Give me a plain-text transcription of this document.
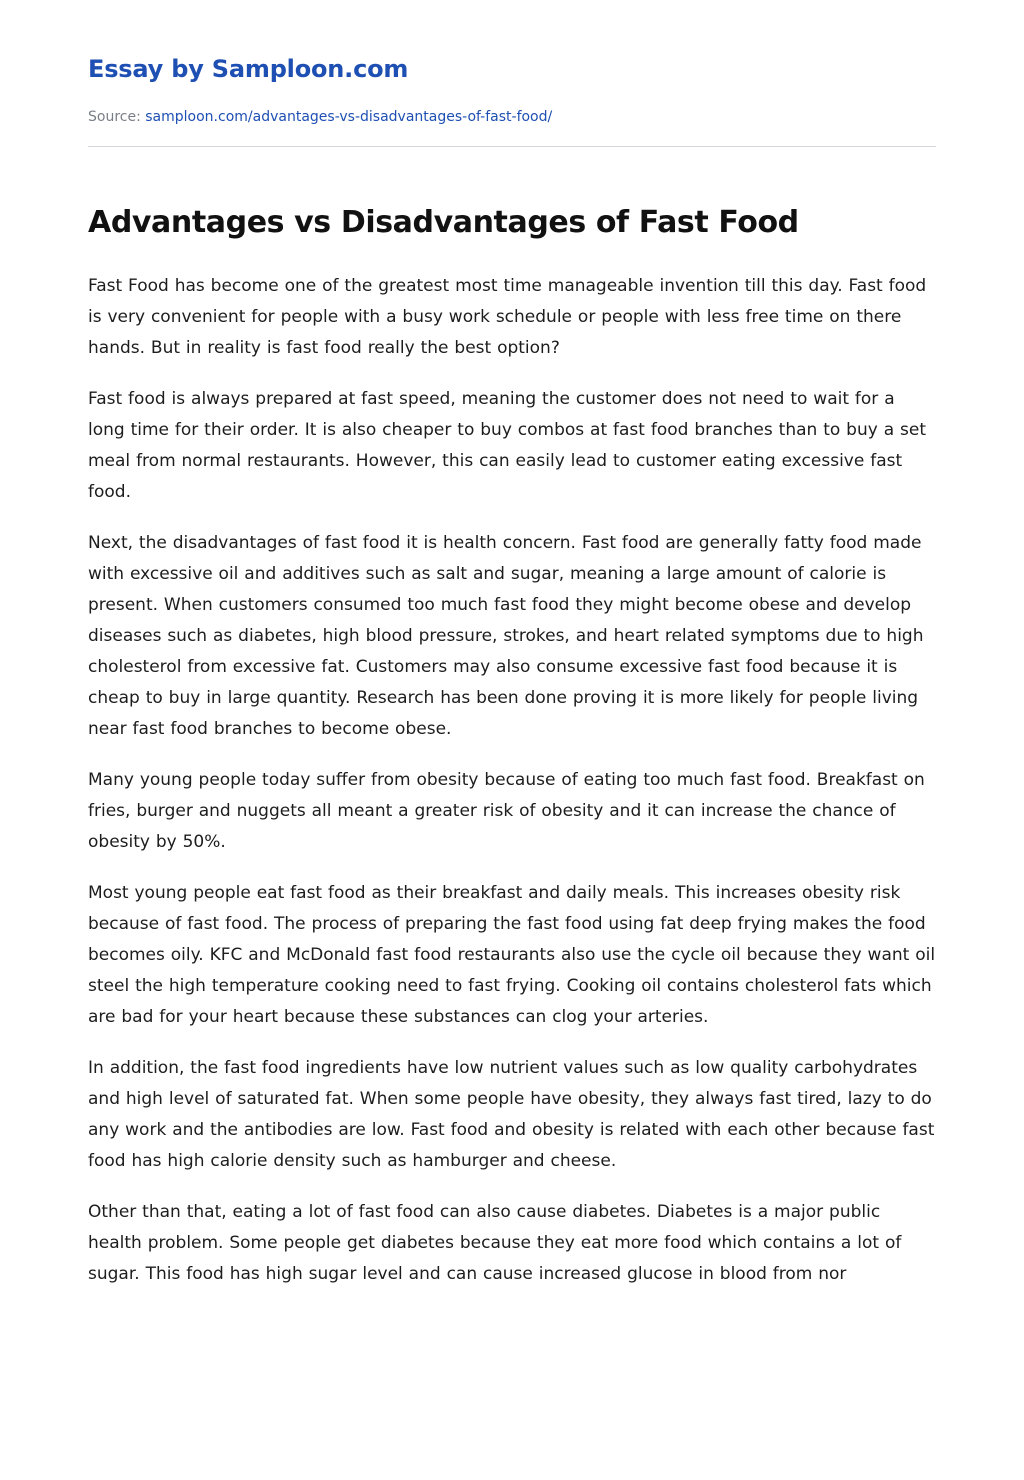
Essay by Samploon.com
Source: samploon.com/advantages-vs-disadvantages-of-fast-food/
Advantages vs Disadvantages of Fast Food

Fast Food has become one of the greatest most time manageable invention till this day. Fast food is very convenient for people with a busy work schedule or people with less free time on there hands. But in reality is fast food really the best option?

Fast food is always prepared at fast speed, meaning the customer does not need to wait for a long time for their order. It is also cheaper to buy combos at fast food branches than to buy a set meal from normal restaurants. However, this can easily lead to customer eating excessive fast food.

Next, the disadvantages of fast food it is health concern. Fast food are generally fatty food made with excessive oil and additives such as salt and sugar, meaning a large amount of calorie is present. When customers consumed too much fast food they might become obese and develop diseases such as diabetes, high blood pressure, strokes, and heart related symptoms due to high cholesterol from excessive fat. Customers may also consume excessive fast food because it is cheap to buy in large quantity. Research has been done proving it is more likely for people living near fast food branches to become obese.

Many young people today suffer from obesity because of eating too much fast food. Breakfast on fries, burger and nuggets all meant a greater risk of obesity and it can increase the chance of obesity by 50%.

Most young people eat fast food as their breakfast and daily meals. This increases obesity risk because of fast food. The process of preparing the fast food using fat deep frying makes the food becomes oily. KFC and McDonald fast food restaurants also use the cycle oil because they want oil steel the high temperature cooking need to fast frying. Cooking oil contains cholesterol fats which are bad for your heart because these substances can clog your arteries.

In addition, the fast food ingredients have low nutrient values such as low quality carbohydrates and high level of saturated fat. When some people have obesity, they always fast tired, lazy to do any work and the antibodies are low. Fast food and obesity is related with each other because fast food has high calorie density such as hamburger and cheese.

Other than that, eating a lot of fast food can also cause diabetes. Diabetes is a major public health problem. Some people get diabetes because they eat more food which contains a lot of sugar. This food has high sugar level and can cause increased glucose in blood from nor
